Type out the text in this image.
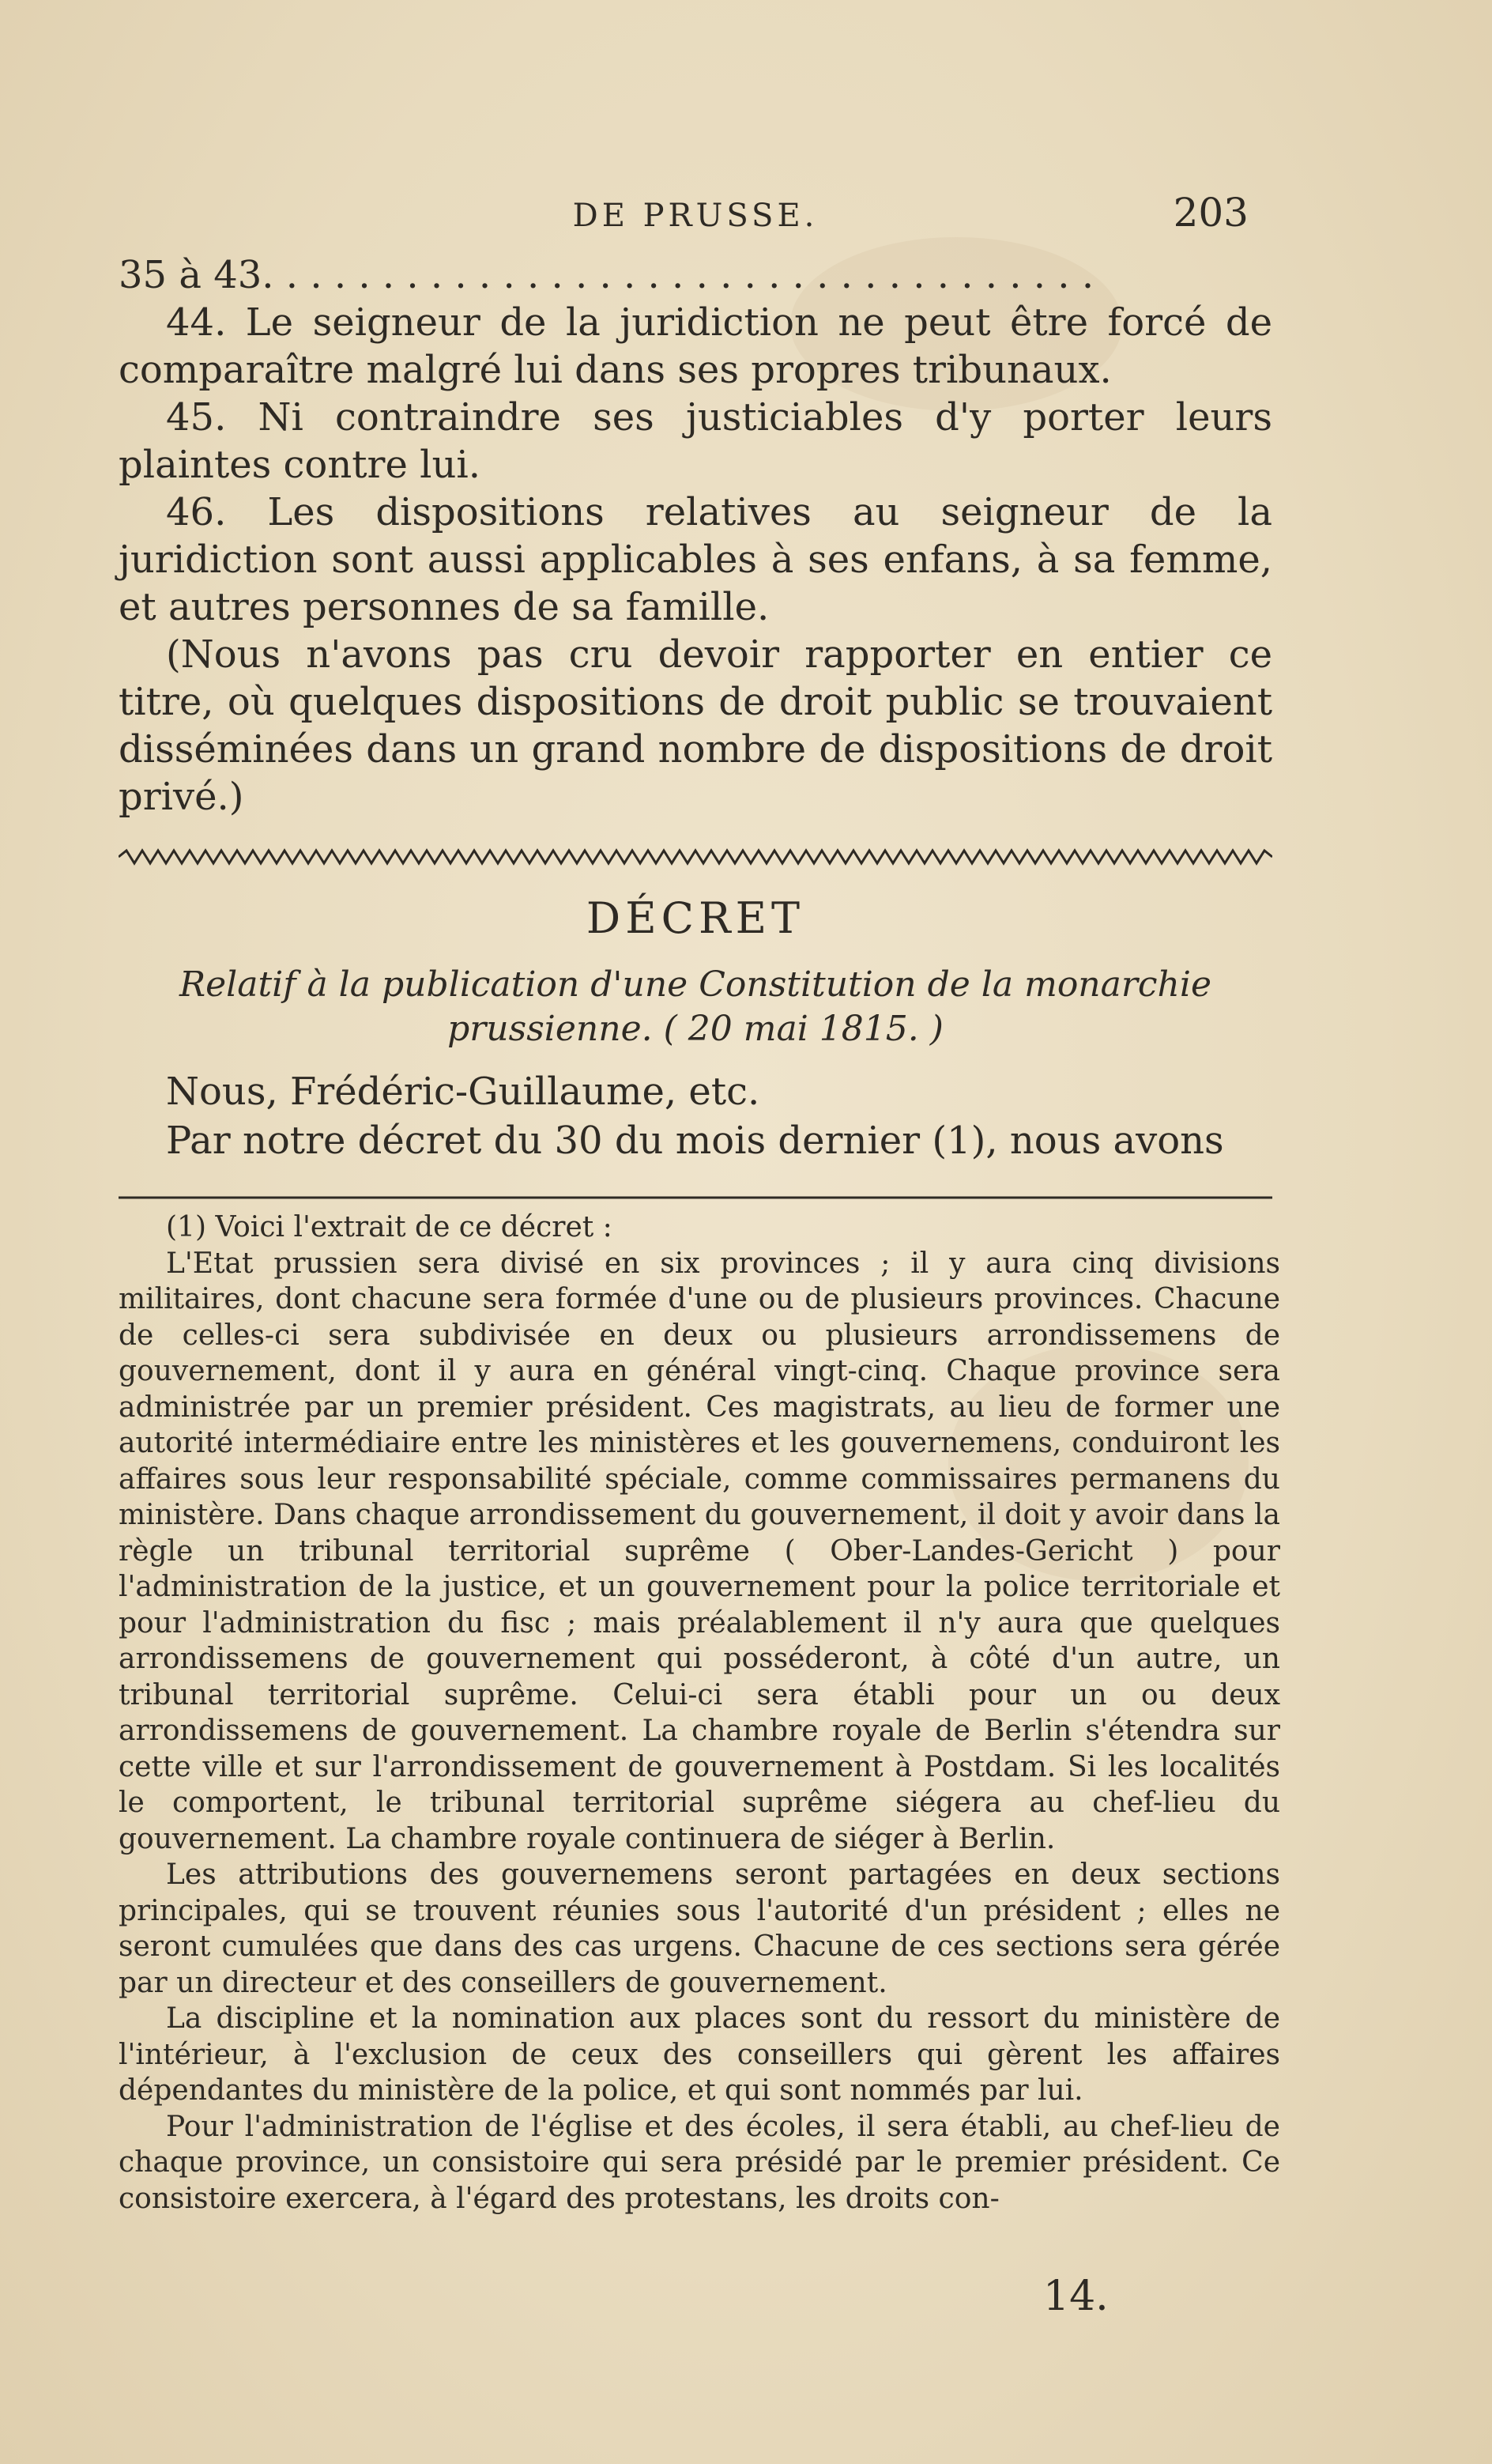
DE PRUSSE.	203

35 à 43. . . . . . . . . . . . . . . . . . . . . . . . . . . . . . . . . . .

44. Le seigneur de la juridiction ne peut être forcé de comparaître malgré lui dans ses propres tribunaux.

45. Ni contraindre ses justiciables d'y porter leurs plaintes contre lui.

46. Les dispositions relatives au seigneur de la juridiction sont aussi applicables à ses enfans, à sa femme, et autres personnes de sa famille.

(Nous n'avons pas cru devoir rapporter en entier ce titre, où quelques dispositions de droit public se trouvaient disséminées dans un grand nombre de dispositions de droit privé.)

DÉCRET
Relatif à la publication d'une Constitution de la monarchie
prussienne. ( 20 mai 1815. )

Nous, Frédéric-Guillaume, etc.

Par notre décret du 30 du mois dernier (1), nous avons

(1) Voici l'extrait de ce décret :

L'Etat prussien sera divisé en six provinces ; il y aura cinq divisions militaires, dont chacune sera formée d'une ou de plusieurs provinces. Chacune de celles-ci sera subdivisée en deux ou plusieurs arrondissemens de gouvernement, dont il y aura en général vingt-cinq. Chaque province sera administrée par un premier président. Ces magistrats, au lieu de former une autorité intermédiaire entre les ministères et les gouvernemens, conduiront les affaires sous leur responsabilité spéciale, comme commissaires permanens du ministère. Dans chaque arrondissement du gouvernement, il doit y avoir dans la règle un tribunal territorial suprême ( Ober-Landes-Gericht ) pour l'administration de la justice, et un gouvernement pour la police territoriale et pour l'administration du fisc ; mais préalablement il n'y aura que quelques arrondissemens de gouvernement qui posséderont, à côté d'un autre, un tribunal territorial suprême. Celui-ci sera établi pour un ou deux arrondissemens de gouvernement. La chambre royale de Berlin s'étendra sur cette ville et sur l'arrondissement de gouvernement à Postdam. Si les localités le comportent, le tribunal territorial suprême siégera au chef-lieu du gouvernement. La chambre royale continuera de siéger à Berlin.

Les attributions des gouvernemens seront partagées en deux sections principales, qui se trouvent réunies sous l'autorité d'un président ; elles ne seront cumulées que dans des cas urgens. Chacune de ces sections sera gérée par un directeur et des conseillers de gouvernement.

La discipline et la nomination aux places sont du ressort du ministère de l'intérieur, à l'exclusion de ceux des conseillers qui gèrent les affaires dépendantes du ministère de la police, et qui sont nommés par lui.

Pour l'administration de l'église et des écoles, il sera établi, au chef-lieu de chaque province, un consistoire qui sera présidé par le premier président. Ce consistoire exercera, à l'égard des protestans, les droits con-

14.
